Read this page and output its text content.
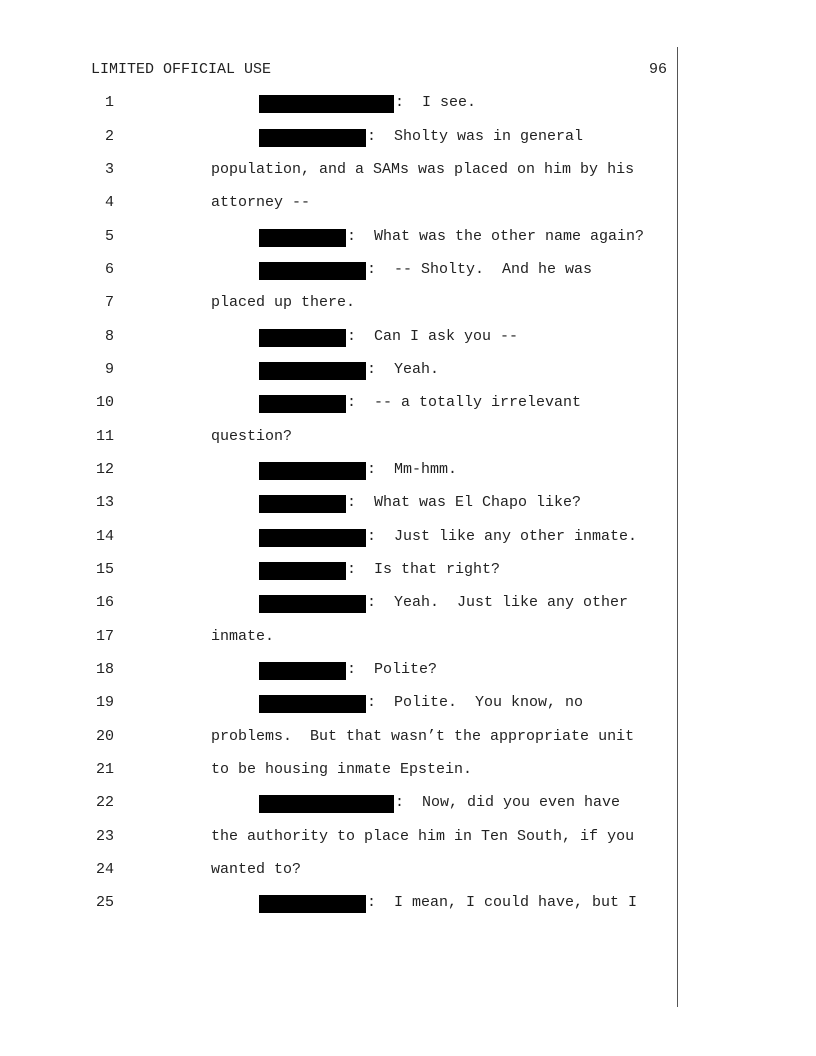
LIMITED OFFICIAL USE	96
1	:  I see.
2	:  Sholty was in general
3	population, and a SAMs was placed on him by his
4	attorney --
5	:  What was the other name again?
6	:  -- Sholty.  And he was
7	placed up there.
8	:  Can I ask you --
9	:  Yeah.
10	:  -- a totally irrelevant
11	question?
12	:  Mm-hmm.
13	:  What was El Chapo like?
14	:  Just like any other inmate.
15	:  Is that right?
16	:  Yeah.  Just like any other
17	inmate.
18	:  Polite?
19	:  Polite.  You know, no
20	problems.  But that wasn’t the appropriate unit
21	to be housing inmate Epstein.
22	:  Now, did you even have
23	the authority to place him in Ten South, if you
24	wanted to?
25	:  I mean, I could have, but I
